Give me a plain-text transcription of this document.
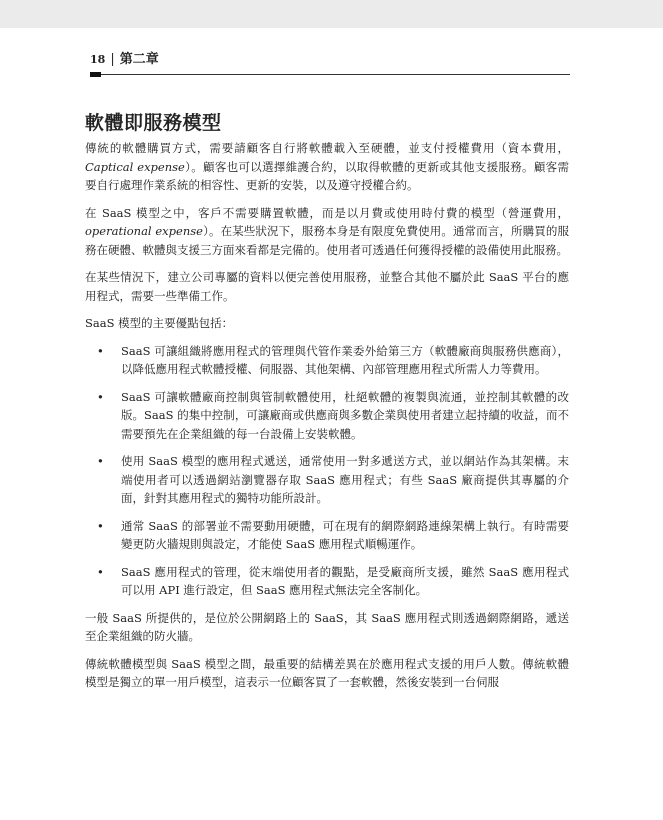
18 | 第二章
軟體即服務模型

傳統的軟體購買方式，需要請顧客自行將軟體載入至硬體，並支付授權費用（資本費用，Captical expense）。顧客也可以選擇維護合約，以取得軟體的更新或其他支援服務。顧客需要自行處理作業系統的相容性、更新的安裝，以及遵守授權合約。

在 SaaS 模型之中，客戶不需要購置軟體，而是以月費或使用時付費的模型（營運費用，operational expense）。在某些狀況下，服務本身是有限度免費使用。通常而言，所購買的服務在硬體、軟體與支援三方面來看都是完備的。使用者可透過任何獲得授權的設備使用此服務。

在某些情況下，建立公司專屬的資料以便完善使用服務，並整合其他不屬於此 SaaS 平台的應用程式，需要一些準備工作。

SaaS 模型的主要優點包括：

• SaaS 可讓組織將應用程式的管理與代管作業委外給第三方（軟體廠商與服務供應商），以降低應用程式軟體授權、伺服器、其他架構、內部管理應用程式所需人力等費用。
• SaaS 可讓軟體廠商控制與管制軟體使用，杜絕軟體的複製與流通，並控制其軟體的改版。SaaS 的集中控制，可讓廠商或供應商與多數企業與使用者建立起持續的收益，而不需要預先在企業組織的每一台設備上安裝軟體。
• 使用 SaaS 模型的應用程式遞送，通常使用一對多遞送方式，並以網站作為其架構。末端使用者可以透過網站瀏覽器存取 SaaS 應用程式；有些 SaaS 廠商提供其專屬的介面，針對其應用程式的獨特功能所設計。
• 通常 SaaS 的部署並不需要動用硬體，可在現有的網際網路連線架構上執行。有時需要變更防火牆規則與設定，才能使 SaaS 應用程式順暢運作。
• SaaS 應用程式的管理，從末端使用者的觀點，是受廠商所支援，雖然 SaaS 應用程式可以用 API 進行設定，但 SaaS 應用程式無法完全客制化。

一般 SaaS 所提供的，是位於公開網路上的 SaaS，其 SaaS 應用程式則透過網際網路，遞送至企業組織的防火牆。

傳統軟體模型與 SaaS 模型之間，最重要的結構差異在於應用程式支援的用戶人數。傳統軟體模型是獨立的單一用戶模型，這表示一位顧客買了一套軟體，然後安裝到一台伺服
